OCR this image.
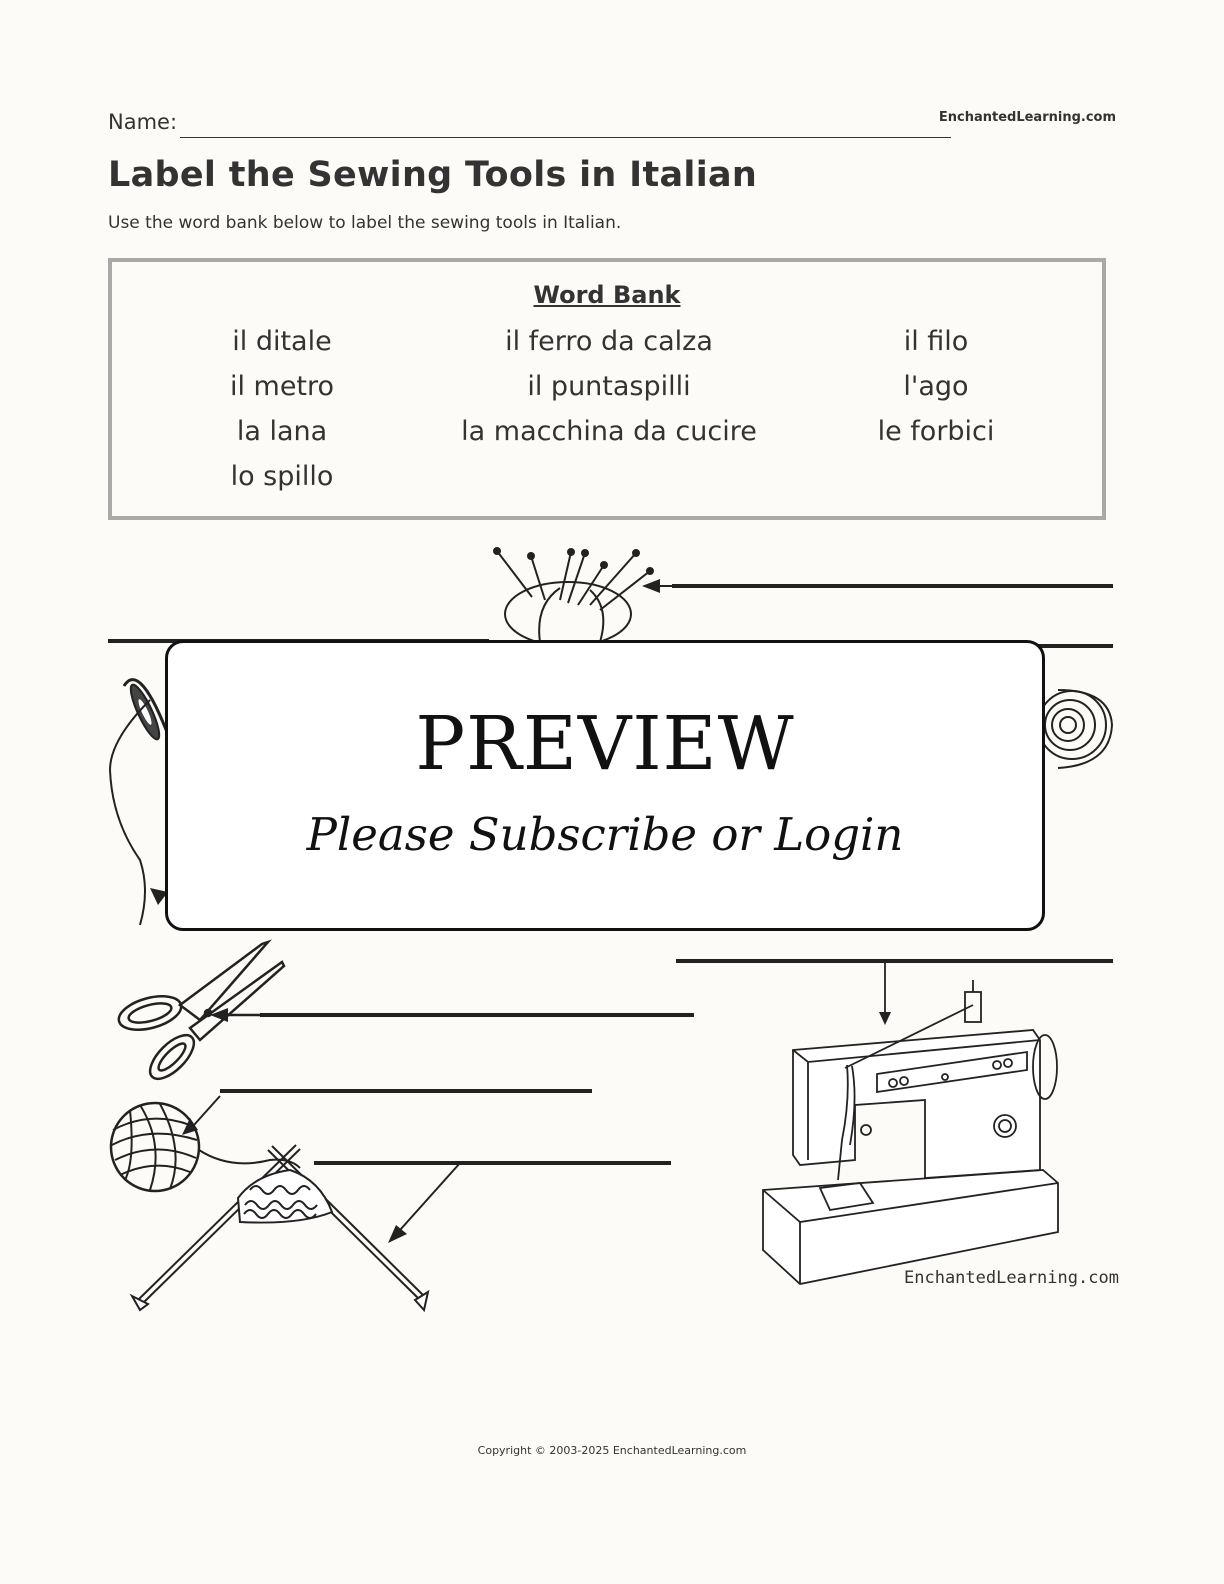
Name:	EnchantedLearning.com
Label the Sewing Tools in Italian
Use the word bank below to label the sewing tools in Italian.
Word Bank
il ditale
il metro
la lana
lo spillo
il ferro da calza
il puntaspilli
la macchina da cucire
il filo
l'ago
le forbici
PREVIEW
Please Subscribe or Login
EnchantedLearning.com
Copyright © 2003-2025 EnchantedLearning.com
